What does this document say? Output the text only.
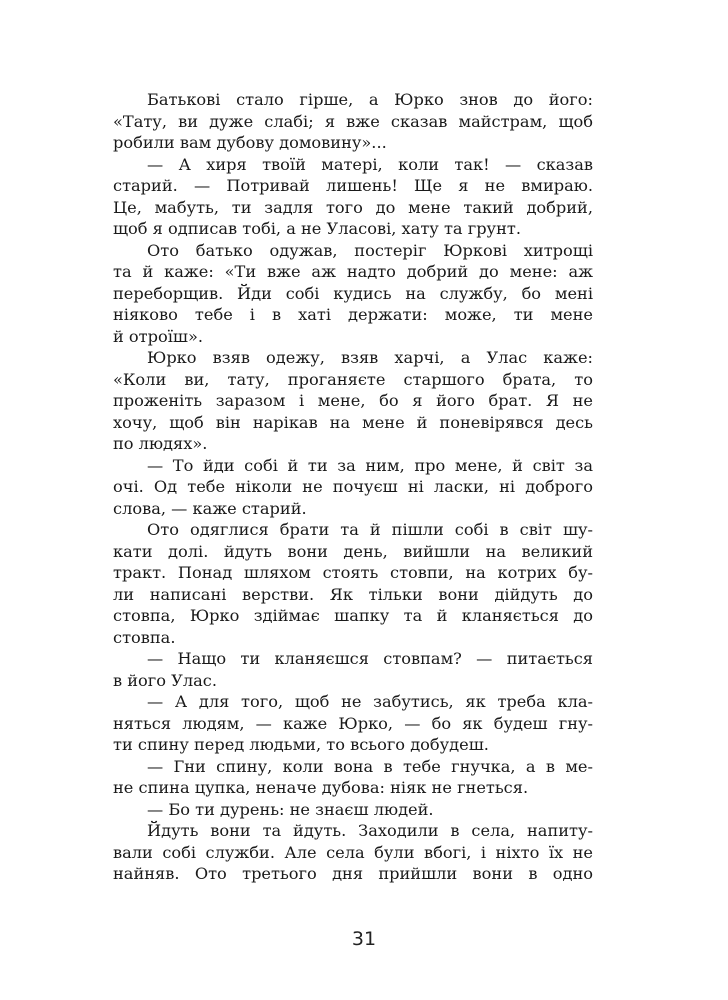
Батькові стало гірше, а Юрко знов до його:
«Тату, ви дуже слабі; я вже сказав майстрам, щоб
робили вам дубову домовину»...
— А хиря твоїй матері, коли так! — сказав
старий. — Потривай лишень! Ще я не вмираю.
Це, мабуть, ти задля того до мене такий добрий,
щоб я одписав тобі, а не Уласові, хату та грунт.
Ото батько одужав, постеріг Юркові хитрощі
та й каже: «Ти вже аж надто добрий до мене: аж
переборщив. Йди собі кудись на службу, бо мені
ніяково тебе і в хаті держати: може, ти мене
й отроїш».
Юрко взяв одежу, взяв харчі, а Улас каже:
«Коли ви, тату, проганяєте старшого брата, то
проженіть заразом і мене, бо я його брат. Я не
хочу, щоб він нарікав на мене й поневірявся десь
по людях».
— То йди собі й ти за ним, про мене, й світ за
очі. Од тебе ніколи не почуєш ні ласки, ні доброго
слова, — каже старий.
Ото одяглися брати та й пішли собі в світ шу-
кати долі. йдуть вони день, вийшли на великий
тракт. Понад шляхом стоять стовпи, на котрих бу-
ли написані верстви. Як тільки вони дійдуть до
стовпа, Юрко здіймає шапку та й кланяється до
стовпа.
— Нащо ти кланяєшся стовпам? — питається
в його Улас.
— А для того, щоб не забутись, як треба кла-
няться людям, — каже Юрко, — бо як будеш гну-
ти спину перед людьми, то всього добудеш.
— Гни спину, коли вона в тебе гнучка, а в ме-
не спина цупка, неначе дубова: ніяк не гнеться.
— Бо ти дурень: не знаєш людей.
Йдуть вони та йдуть. Заходили в села, напиту-
вали собі служби. Але села були вбогі, і ніхто їх не
найняв. Ото третього дня прийшли вони в одно
31
